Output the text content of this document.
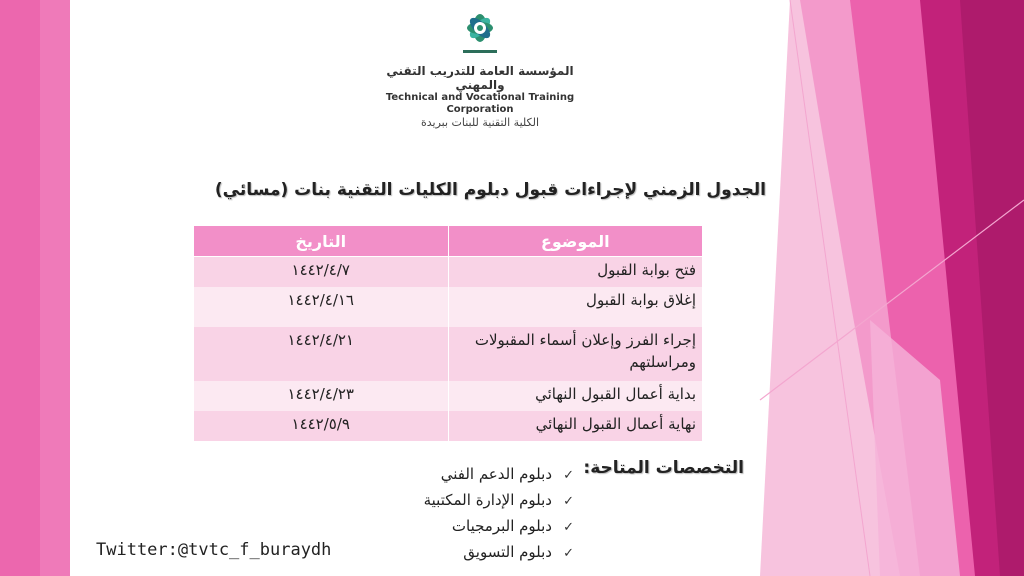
المؤسسة العامة للتدريب التقني والمهني
Technical and Vocational Training Corporation
الكلية التقنية للبنات ببريدة
الجدول الزمني لإجراءات قبول دبلوم الكليات التقنية بنات (مسائي)
الموضوع	التاريخ
فتح بوابة القبول	١٤٤٢/٤/٧
إغلاق بوابة القبول	١٤٤٢/٤/١٦
إجراء الفرز وإعلان أسماء المقبولات ومراسلتهم	١٤٤٢/٤/٢١
بداية أعمال القبول النهائي	١٤٤٢/٤/٢٣
نهاية أعمال القبول النهائي	١٤٤٢/٥/٩
التخصصات المتاحة:
✓دبلوم الدعم الفني
✓دبلوم الإدارة المكتبية
✓دبلوم البرمجيات
✓دبلوم التسويق
Twitter:@tvtc_f_buraydh
